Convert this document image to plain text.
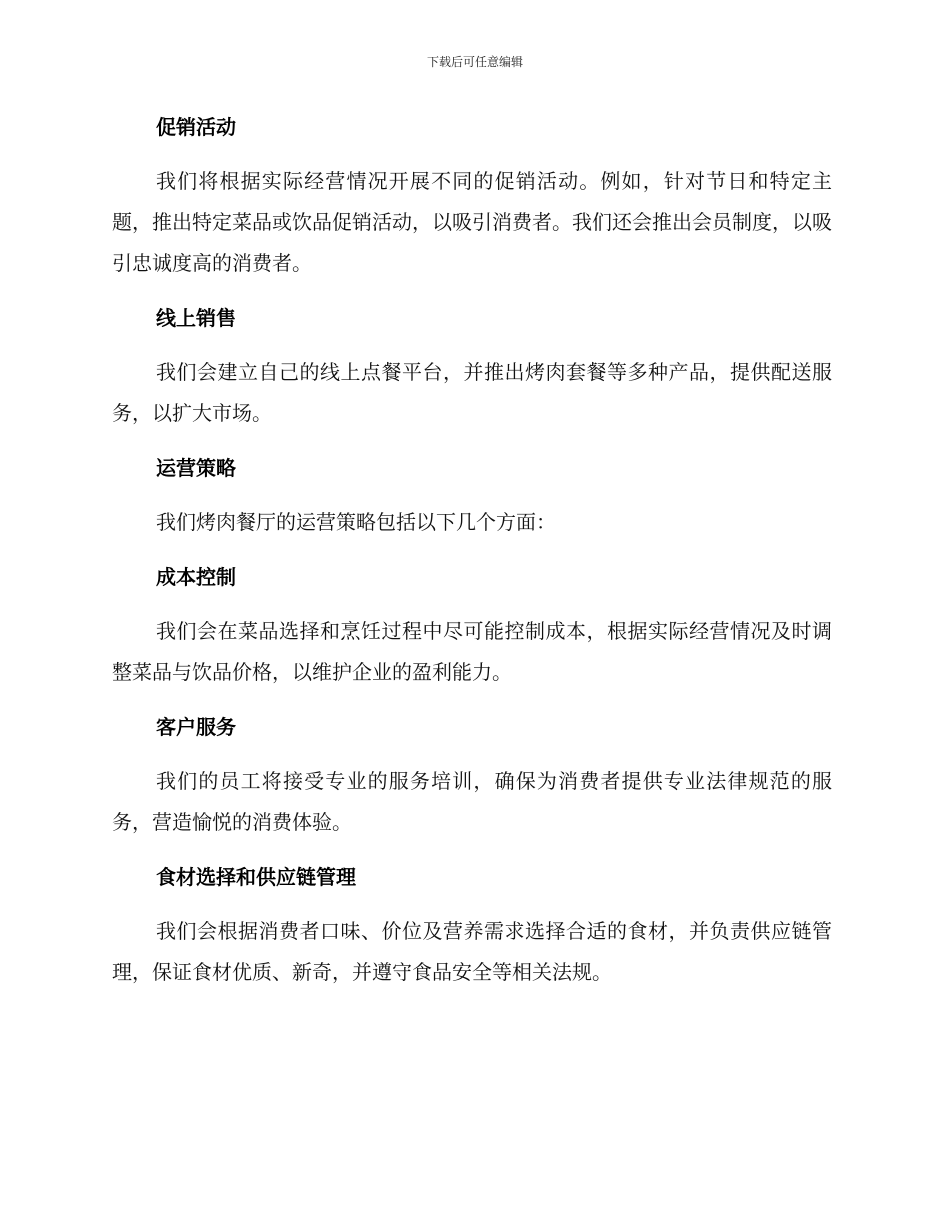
下载后可任意编辑
促销活动

我们将根据实际经营情况开展不同的促销活动。例如，针对节日和特定主题，推出特定菜品或饮品促销活动，以吸引消费者。我们还会推出会员制度，以吸引忠诚度高的消费者。

线上销售

我们会建立自己的线上点餐平台，并推出烤肉套餐等多种产品，提供配送服务，以扩大市场。

运营策略

我们烤肉餐厅的运营策略包括以下几个方面：

成本控制

我们会在菜品选择和烹饪过程中尽可能控制成本，根据实际经营情况及时调整菜品与饮品价格，以维护企业的盈利能力。

客户服务

我们的员工将接受专业的服务培训，确保为消费者提供专业法律规范的服务，营造愉悦的消费体验。

食材选择和供应链管理

我们会根据消费者口味、价位及营养需求选择合适的食材，并负责供应链管理，保证食材优质、新奇，并遵守食品安全等相关法规。
